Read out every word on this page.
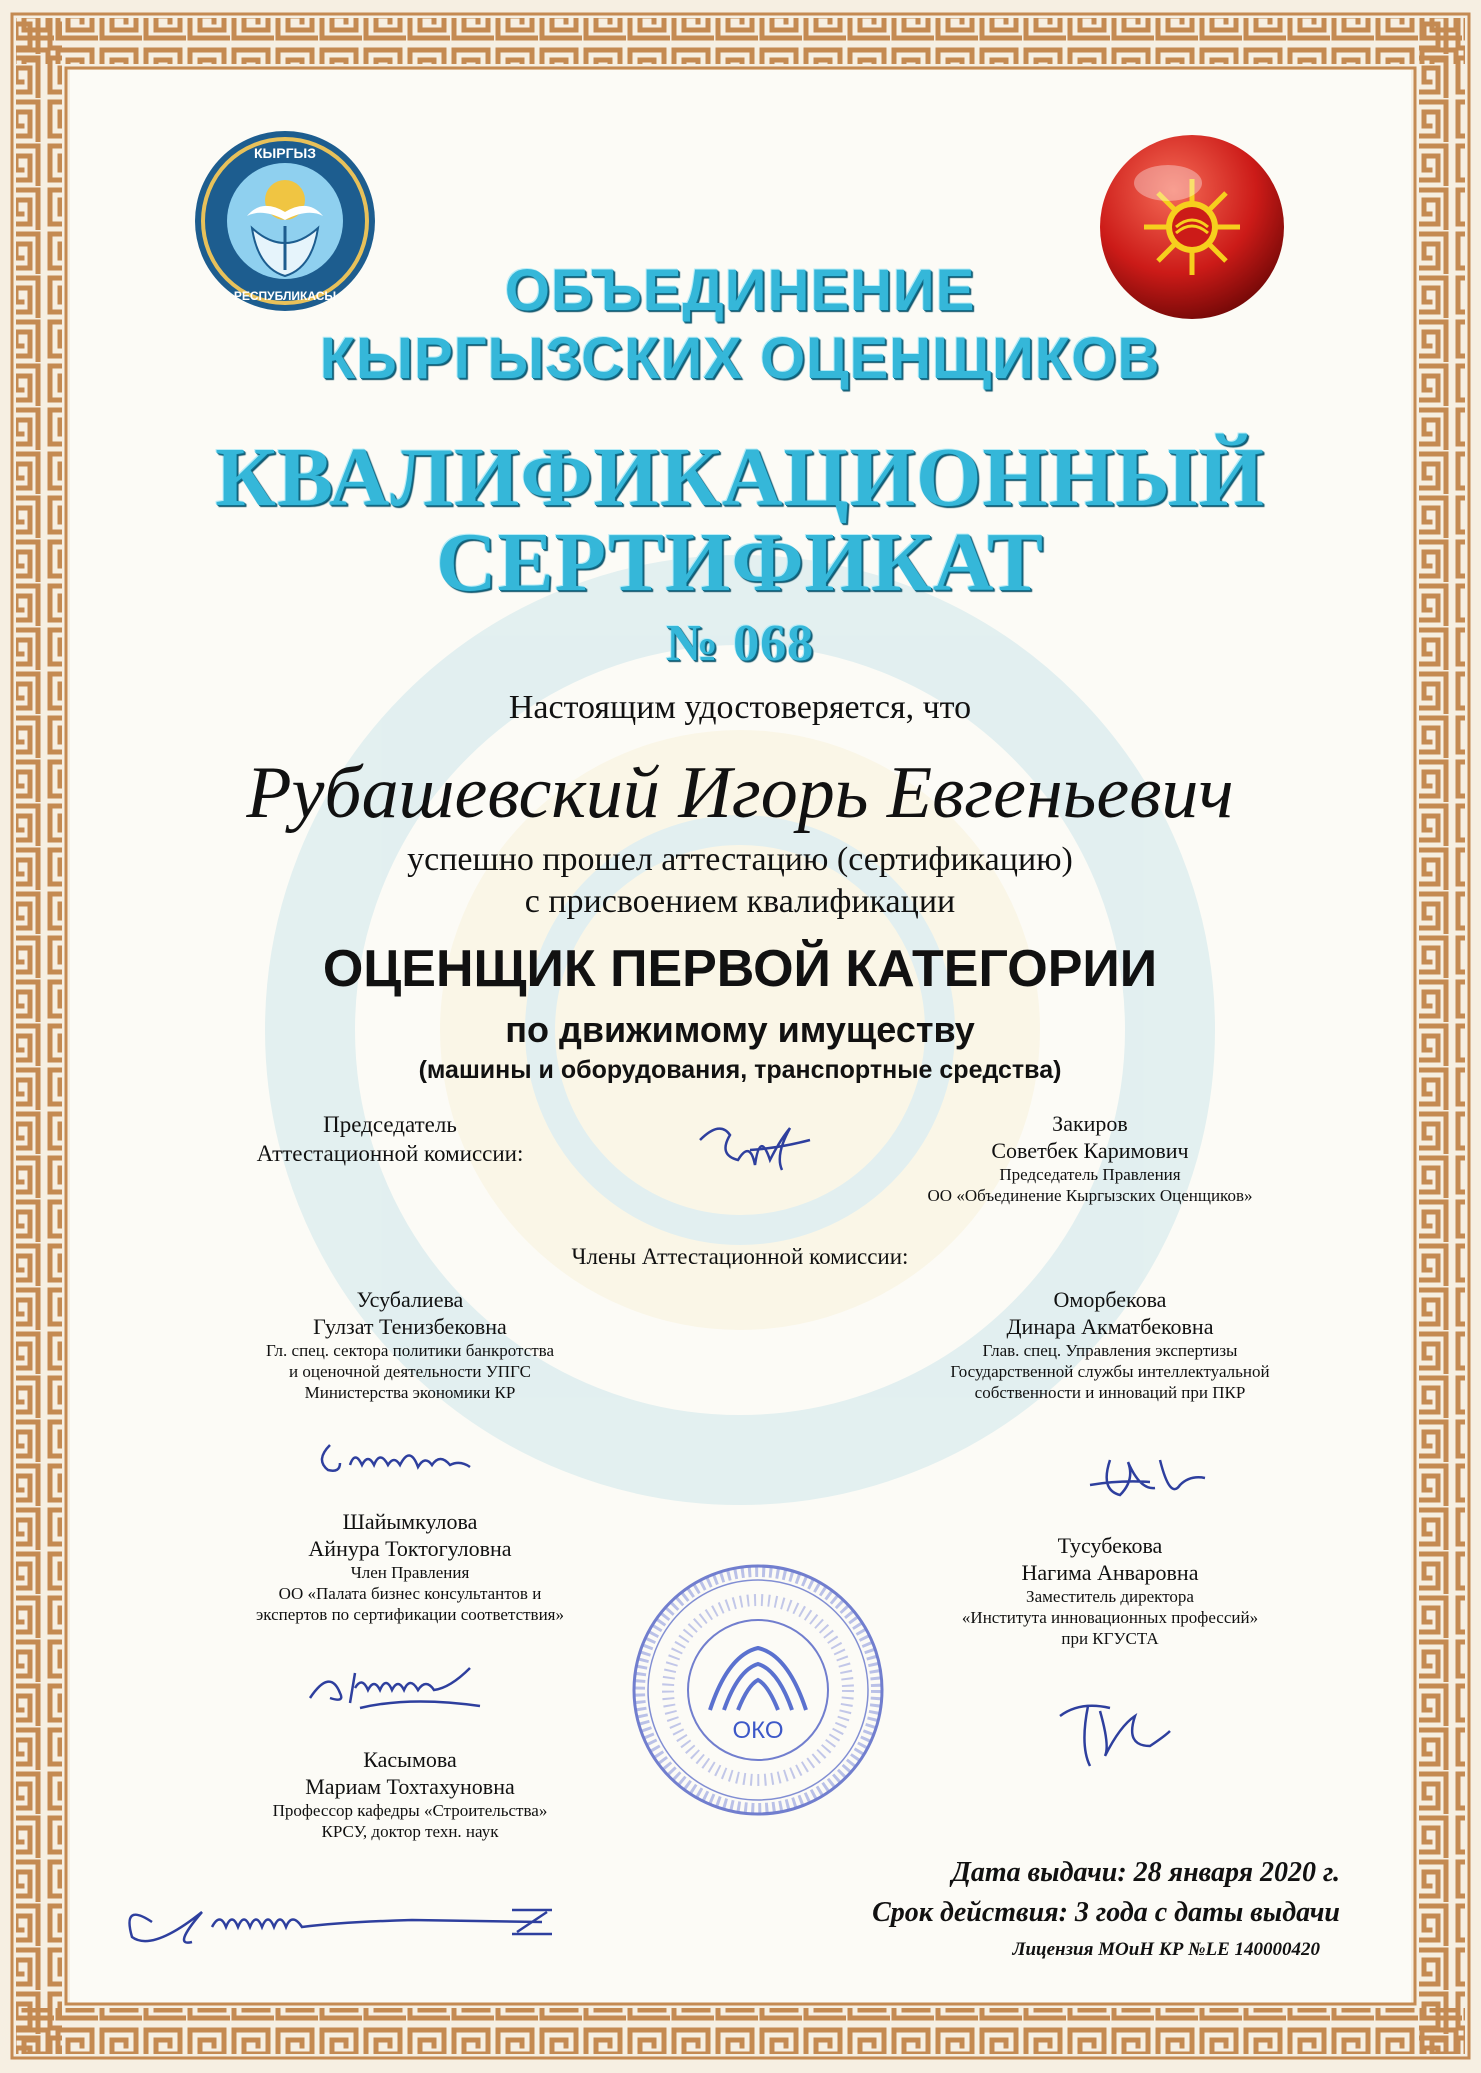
КЫРГЫЗ
РЕСПУБЛИКАСЫ	ОБЪЕДИНЕНИЕ
КЫРГЫЗСКИХ ОЦЕНЩИКОВ
КВАЛИФИКАЦИОННЫЙ
СЕРТИФИКАТ
№ 068
Настоящим удостоверяется, что
Рубашевский Игорь Евгеньевич
успешно прошел аттестацию (сертификацию)
с присвоением квалификации
ОЦЕНЩИК ПЕРВОЙ КАТЕГОРИИ
по движимому имуществу
(машины и оборудования, транспортные средства)
Председатель
Аттестационной комиссии:
Закиров
Советбек Каримович
Председатель Правления
ОО «Объединение Кыргызских Оценщиков»
Члены Аттестационной комиссии:
Усубалиева
Гулзат Тенизбековна
Гл. спец. сектора политики банкротства
и оценочной деятельности УПГС
Министерства экономики КР
Оморбекова
Динара Акматбековна
Глав. спец. Управления экспертизы
Государственной службы интеллектуальной
собственности и инноваций при ПКР
Шайымкулова
Айнура Токтогуловна
Член Правления
ОО «Палата бизнес консультантов и
экспертов по сертификации соответствия»
Тусубекова
Нагима Анваровна
Заместитель директора
«Института инновационных профессий»
при КГУСТА
ОКО
Касымова
Мариам Тохтахуновна
Профессор кафедры «Строительства»
КРСУ, доктор техн. наук
Дата выдачи: 28 января 2020 г.
Срок действия: 3 года с даты выдачи
Лицензия МОиН КР №LE 140000420
